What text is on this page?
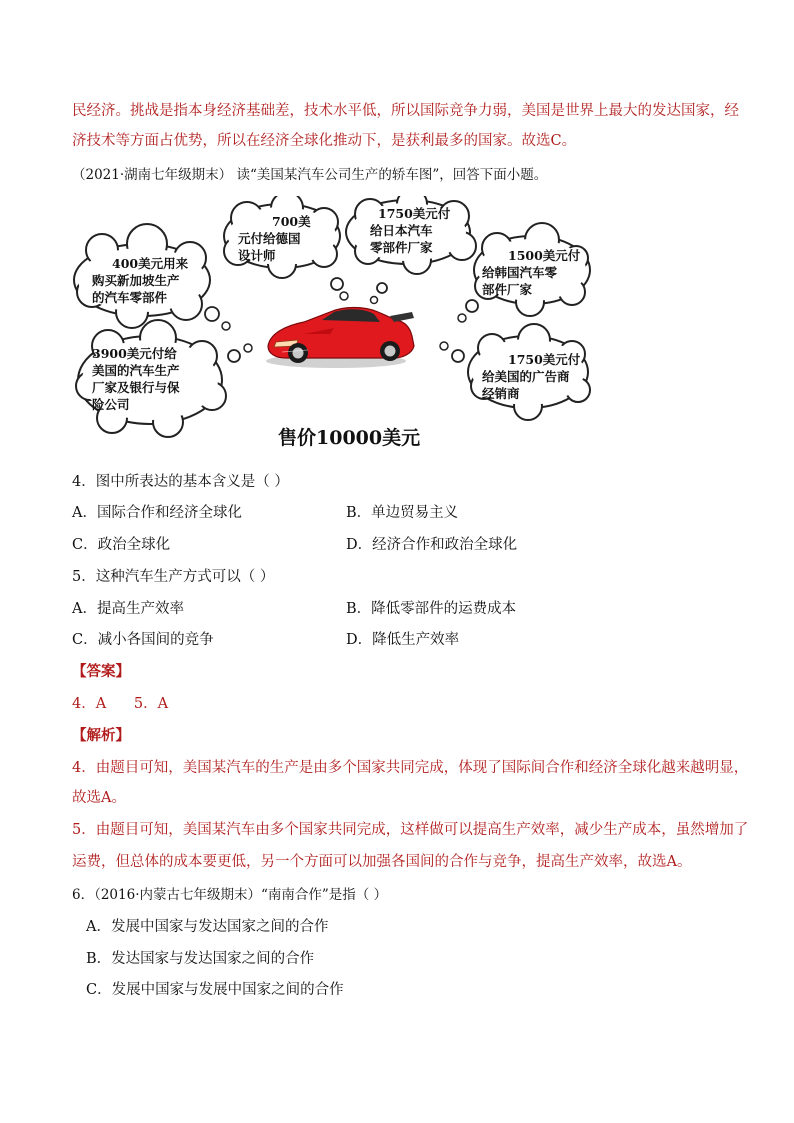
民经济。挑战是指本身经济基础差，技术水平低，所以国际竞争力弱，美国是世界上最大的发达国家，经
济技术等方面占优势，所以在经济全球化推动下，是获利最多的国家。故选C。
（2021·湖南七年级期末） 读“美国某汽车公司生产的轿车图”，回答下面小题。
400美元用来 购买新加坡生产 的汽车零部件
700美 元付给德国 设计师
1750美元付 给日本汽车 零部件厂家
1500美元付 给韩国汽车零 部件厂家
3900美元付给 美国的汽车生产 厂家及银行与保 险公司
1750美元付 给美国的广告商 经销商
售价10000美元
4．图中所表达的基本含义是（ ）
A．国际合作和经济全球化	B．单边贸易主义
C．政治全球化	D．经济合作和政治全球化
5．这种汽车生产方式可以（ ）
A．提高生产效率	B．降低零部件的运费成本
C．减小各国间的竞争	D．降低生产效率
【答案】
4．A      5．A
【解析】
4．由题目可知，美国某汽车的生产是由多个国家共同完成，体现了国际间合作和经济全球化越来越明显，
故选A。
5．由题目可知，美国某汽车由多个国家共同完成，这样做可以提高生产效率，减少生产成本，虽然增加了
运费，但总体的成本要更低，另一个方面可以加强各国间的合作与竞争，提高生产效率，故选A。
6．（2016·内蒙古七年级期末）“南南合作”是指（ ）
A．发展中国家与发达国家之间的合作
B．发达国家与发达国家之间的合作
C．发展中国家与发展中国家之间的合作
